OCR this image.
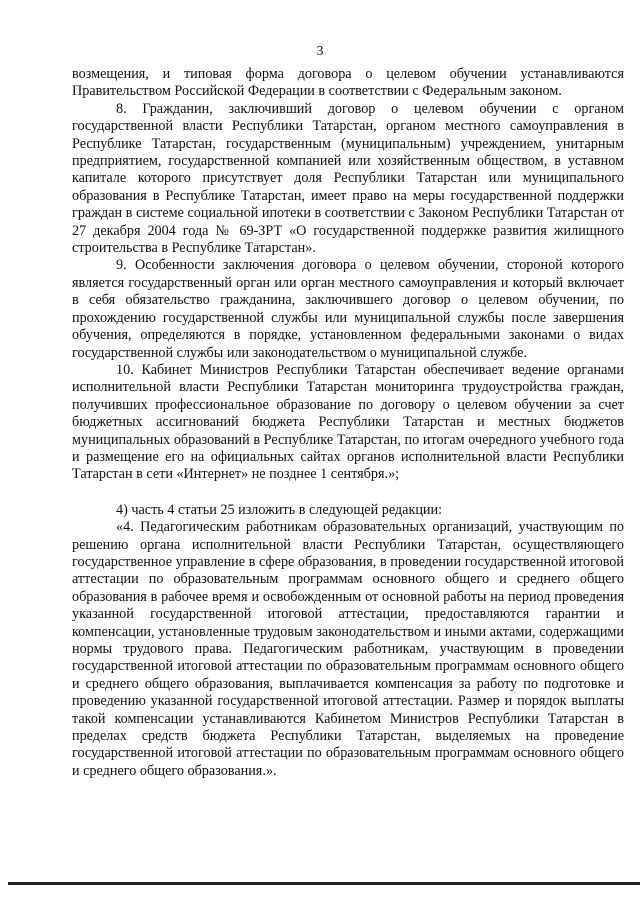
3

возмещения, и типовая форма договора о целевом обучении устанавливаются Правительством Российской Федерации в соответствии с Федеральным законом.

8. Гражданин, заключивший договор о целевом обучении с органом государственной власти Республики Татарстан, органом местного самоуправления в Республике Татарстан, государственным (муниципальным) учреждением, унитарным предприятием, государственной компанией или хозяйственным обществом, в уставном капитале которого присутствует доля Республики Татарстан или муниципального образования в Республике Татарстан, имеет право на меры государственной поддержки граждан в системе социальной ипотеки в соответствии с Законом Республики Татарстан от 27 декабря 2004 года № 69-ЗРТ «О государственной поддержке развития жилищного строительства в Республике Татарстан».

9. Особенности заключения договора о целевом обучении, стороной которого является государственный орган или орган местного самоуправления и который включает в себя обязательство гражданина, заключившего договор о целевом обучении, по прохождению государственной службы или муниципальной службы после завершения обучения, определяются в порядке, установленном федеральными законами о видах государственной службы или законодательством о муниципальной службе.

10. Кабинет Министров Республики Татарстан обеспечивает ведение органами исполнительной власти Республики Татарстан мониторинга трудоустройства граждан, получивших профессиональное образование по договору о целевом обучении за счет бюджетных ассигнований бюджета Республики Татарстан и местных бюджетов муниципальных образований в Республике Татарстан, по итогам очередного учебного года и размещение его на официальных сайтах органов исполнительной власти Республики Татарстан в сети «Интернет» не позднее 1 сентября.»;

4) часть 4 статьи 25 изложить в следующей редакции:

«4. Педагогическим работникам образовательных организаций, участвующим по решению органа исполнительной власти Республики Татарстан, осуществляющего государственное управление в сфере образования, в проведении государственной итоговой аттестации по образовательным программам основного общего и среднего общего образования в рабочее время и освобожденным от основной работы на период проведения указанной государственной итоговой аттестации, предоставляются гарантии и компенсации, установленные трудовым законодательством и иными актами, содержащими нормы трудового права. Педагогическим работникам, участвующим в проведении государственной итоговой аттестации по образовательным программам основного общего и среднего общего образования, выплачивается компенсация за работу по подготовке и проведению указанной государственной итоговой аттестации. Размер и порядок выплаты такой компенсации устанавливаются Кабинетом Министров Республики Татарстан в пределах средств бюджета Республики Татарстан, выделяемых на проведение государственной итоговой аттестации по образовательным программам основного общего и среднего общего образования.».
